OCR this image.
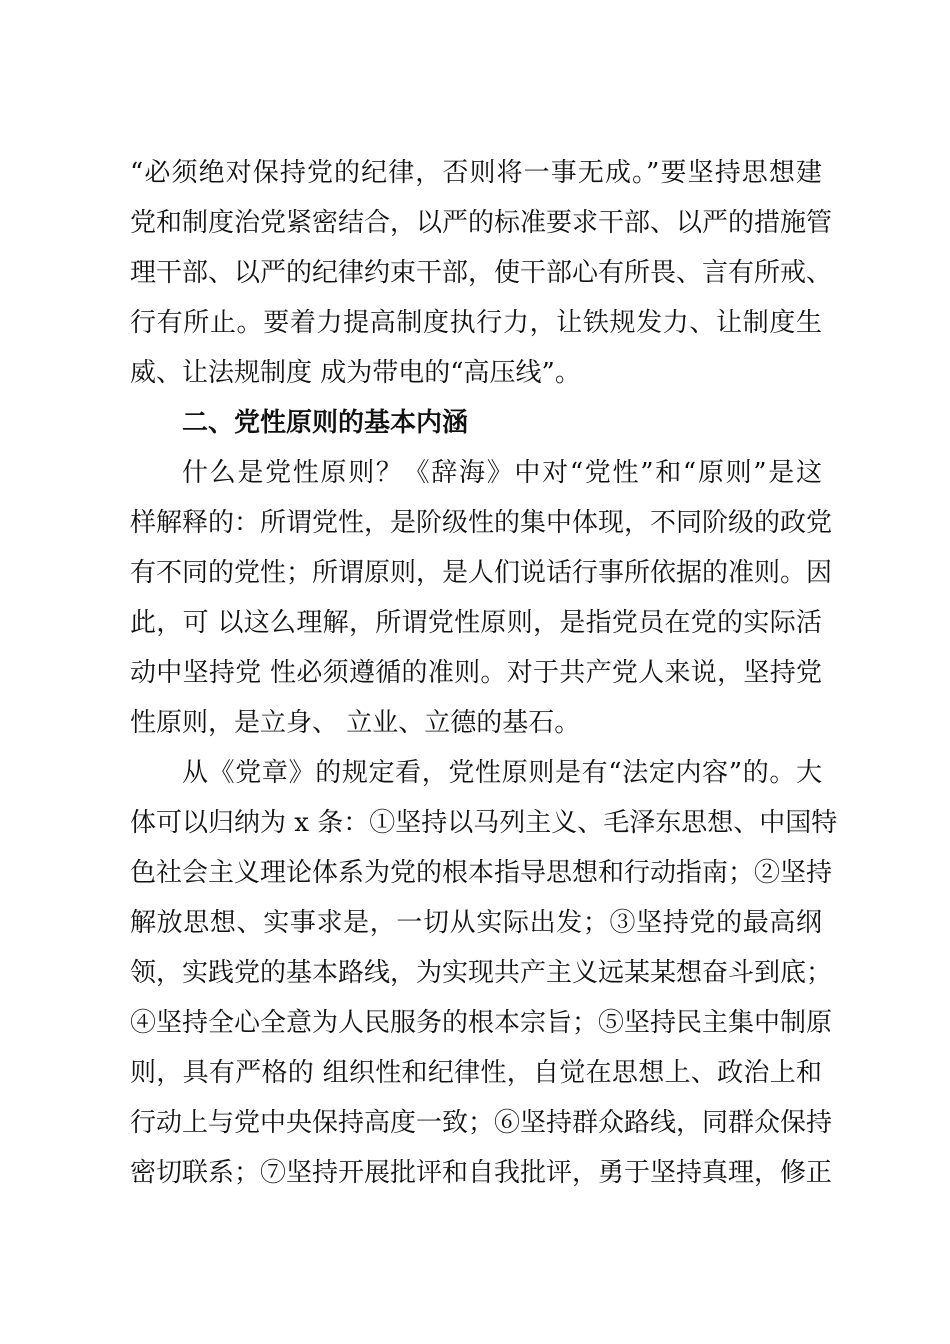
“必须绝对保持党的纪律，否则将一事无成。”要坚持思想建
党和制度治党紧密结合，以严的标准要求干部、以严的措施管
理干部、以严的纪律约束干部，使干部心有所畏、言有所戒、
行有所止。要着力提高制度执行力，让铁规发力、让制度生
威、让法规制度 成为带电的“高压线”。
二、党性原则的基本内涵
什么是党性原则？《辞海》中对“党性”和“原则”是这
样解释的：所谓党性，是阶级性的集中体现，不同阶级的政党
有不同的党性；所谓原则，是人们说话行事所依据的准则。因
此，可 以这么理解，所谓党性原则，是指党员在党的实际活
动中坚持党 性必须遵循的准则。对于共产党人来说，坚持党
性原则，是立身、 立业、立德的基石。
从《党章》的规定看，党性原则是有“法定内容”的。大
体可以归纳为 x 条：①坚持以马列主义、毛泽东思想、中国特
色社会主义理论体系为党的根本指导思想和行动指南；②坚持
解放思想、实事求是，一切从实际出发；③坚持党的最高纲
领，实践党的基本路线，为实现共产主义远某某想奋斗到底；
④坚持全心全意为人民服务的根本宗旨；⑤坚持民主集中制原
则，具有严格的 组织性和纪律性，自觉在思想上、政治上和
行动上与党中央保持高度一致；⑥坚持群众路线，同群众保持
密切联系；⑦坚持开展批评和自我批评，勇于坚持真理，修正
